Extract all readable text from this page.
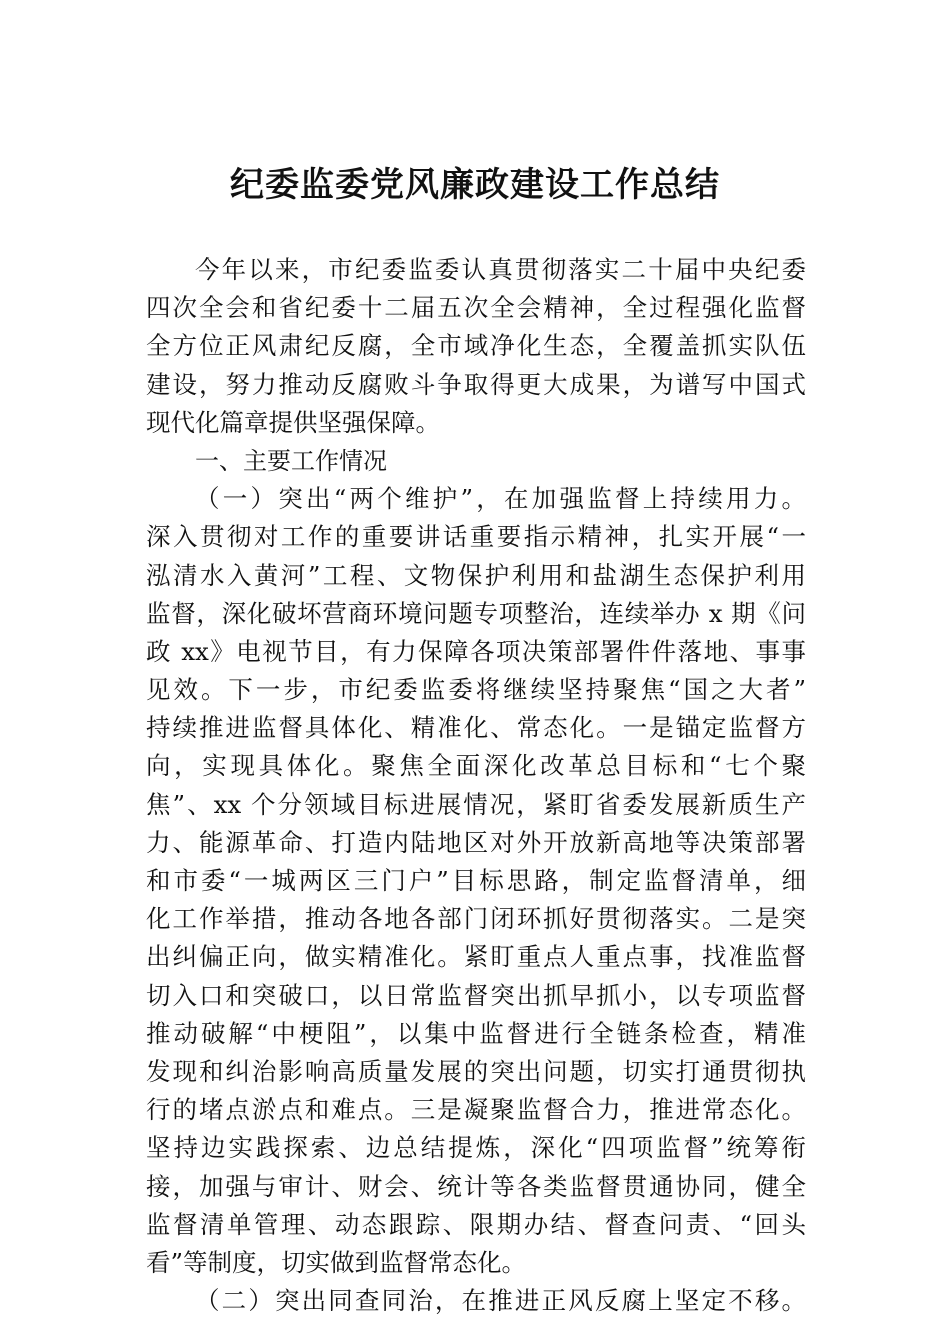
纪委监委党风廉政建设工作总结
今年以来，市纪委监委认真贯彻落实二十届中央纪委
四次全会和省纪委十二届五次全会精神，全过程强化监督
全方位正风肃纪反腐，全市域净化生态，全覆盖抓实队伍
建设，努力推动反腐败斗争取得更大成果，为谱写中国式
现代化篇章提供坚强保障。
一、主要工作情况
（一）突出“两个维护”，在加强监督上持续用力。
深入贯彻对工作的重要讲话重要指示精神，扎实开展“一
泓清水入黄河”工程、文物保护利用和盐湖生态保护利用
监督，深化破坏营商环境问题专项整治，连续举办 x 期《问
政 xx》电视节目，有力保障各项决策部署件件落地、事事
见效。下一步，市纪委监委将继续坚持聚焦“国之大者”
持续推进监督具体化、精准化、常态化。一是锚定监督方
向，实现具体化。聚焦全面深化改革总目标和“七个聚
焦”、xx 个分领域目标进展情况，紧盯省委发展新质生产
力、能源革命、打造内陆地区对外开放新高地等决策部署
和市委“一城两区三门户”目标思路，制定监督清单，细
化工作举措，推动各地各部门闭环抓好贯彻落实。二是突
出纠偏正向，做实精准化。紧盯重点人重点事，找准监督
切入口和突破口，以日常监督突出抓早抓小，以专项监督
推动破解“中梗阻”，以集中监督进行全链条检查，精准
发现和纠治影响高质量发展的突出问题，切实打通贯彻执
行的堵点淤点和难点。三是凝聚监督合力，推进常态化。
坚持边实践探索、边总结提炼，深化“四项监督”统筹衔
接，加强与审计、财会、统计等各类监督贯通协同，健全
监督清单管理、动态跟踪、限期办结、督查问责、“回头
看”等制度，切实做到监督常态化。
（二）突出同查同治，在推进正风反腐上坚定不移。
